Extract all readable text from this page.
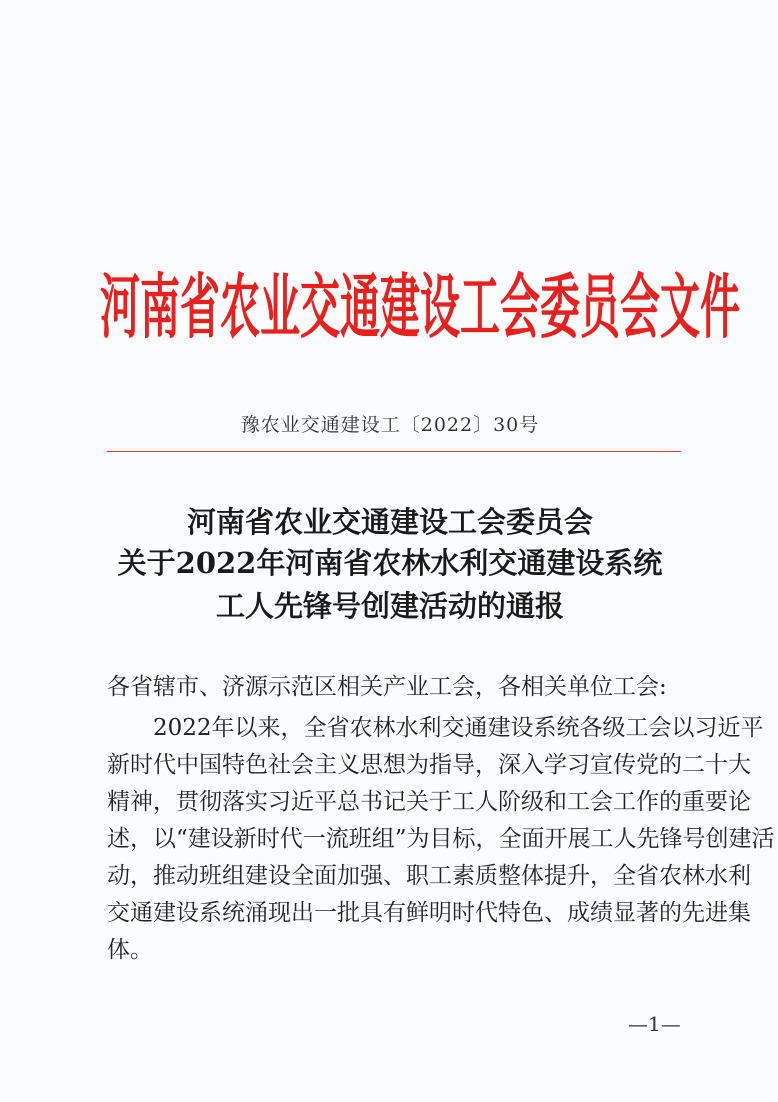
河南省农业交通建设工会委员会文件
豫农业交通建设工〔2022〕30号
河南省农业交通建设工会委员会
关于2022年河南省农林水利交通建设系统
工人先锋号创建活动的通报
各省辖市、济源示范区相关产业工会，各相关单位工会:
　　2022年以来，全省农林水利交通建设系统各级工会以习近平
新时代中国特色社会主义思想为指导，深入学习宣传党的二十大
精神，贯彻落实习近平总书记关于工人阶级和工会工作的重要论
述，以“建设新时代一流班组”为目标，全面开展工人先锋号创建活
动，推动班组建设全面加强、职工素质整体提升，全省农林水利
交通建设系统涌现出一批具有鲜明时代特色、成绩显著的先进集
体。
—1—
